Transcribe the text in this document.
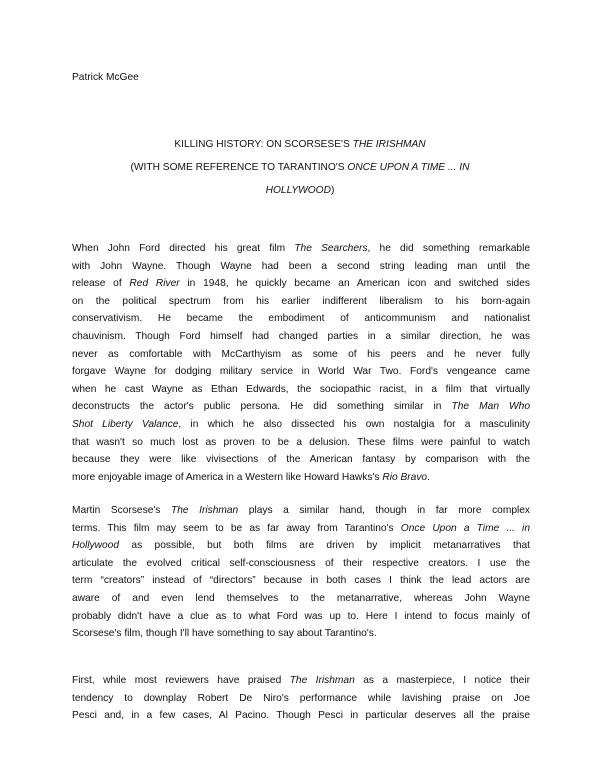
Patrick McGee
KILLING HISTORY: ON SCORSESE'S THE IRISHMAN
(WITH SOME REFERENCE TO TARANTINO'S ONCE UPON A TIME ... IN
HOLLYWOOD)
When John Ford directed his great film The Searchers, he did something remarkable
with John Wayne. Though Wayne had been a second string leading man until the
release of Red River in 1948, he quickly became an American icon and switched sides
on the political spectrum from his earlier indifferent liberalism to his born-again
conservativism. He became the embodiment of anticommunism and nationalist
chauvinism. Though Ford himself had changed parties in a similar direction, he was
never as comfortable with McCarthyism as some of his peers and he never fully
forgave Wayne for dodging military service in World War Two. Ford's vengeance came
when he cast Wayne as Ethan Edwards, the sociopathic racist, in a film that virtually
deconstructs the actor's public persona. He did something similar in The Man Who
Shot Liberty Valance, in which he also dissected his own nostalgia for a masculinity
that wasn't so much lost as proven to be a delusion. These films were painful to watch
because they were like vivisections of the American fantasy by comparison with the
more enjoyable image of America in a Western like Howard Hawks's Rio Bravo.
Martin Scorsese's The Irishman plays a similar hand, though in far more complex
terms. This film may seem to be as far away from Tarantino's Once Upon a Time ... in
Hollywood as possible, but both films are driven by implicit metanarratives that
articulate the evolved critical self-consciousness of their respective creators. I use the
term “creators” instead of “directors” because in both cases I think the lead actors are
aware of and even lend themselves to the metanarrative, whereas John Wayne
probably didn't have a clue as to what Ford was up to. Here I intend to focus mainly of
Scorsese's film, though I'll have something to say about Tarantino's.
First, while most reviewers have praised The Irishman as a masterpiece, I notice their
tendency to downplay Robert De Niro's performance while lavishing praise on Joe
Pesci and, in a few cases, Al Pacino. Though Pesci in particular deserves all the praise
